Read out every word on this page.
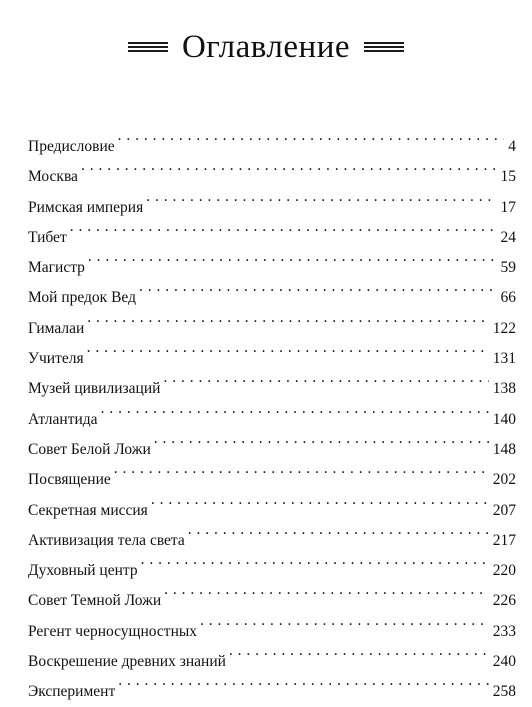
Оглавление
Предисловие . . .	4
Москва . . .	15
Римская империя . . .	17
Тибет . . .	24
Магистр . . .	59
Мой предок Вед . . .	66
Гималаи . . .	122
Учителя . . .	131
Музей цивилизаций . . .	138
Атлантида . . .	140
Совет Белой Ложи . . .	148
Посвящение . . .	202
Секретная миссия . . .	207
Активизация тела света . . .	217
Духовный центр . . .	220
Совет Темной Ложи . . .	226
Регент черносущностных . . .	233
Воскрешение древних знаний . . .	240
Эксперимент . . .	258
